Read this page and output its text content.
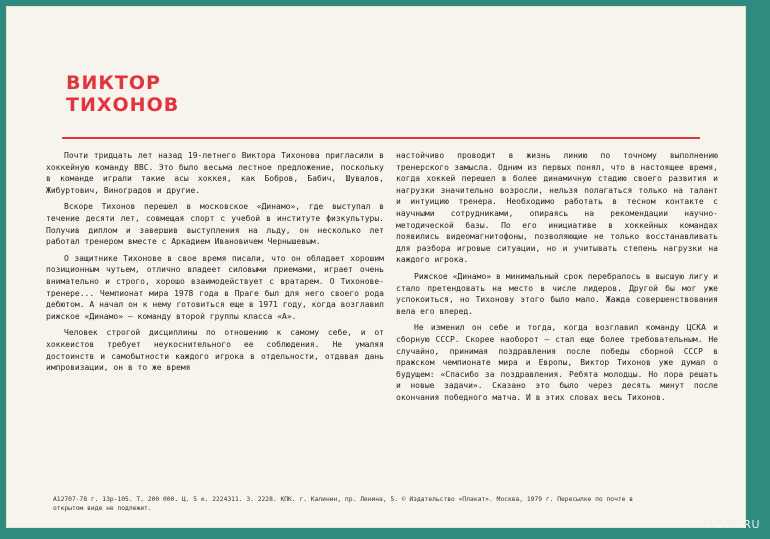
ВИКТОР
ТИХОНОВ

Почти тридцать лет назад 19-летнего Виктора Тихонова пригласили в хоккейную команду ВВС. Это было весьма лестное предложение, поскольку в команде играли такие асы хоккея, как Бобров, Бабич, Шувалов, Жибуртович, Виноградов и другие.

Вскоре Тихонов перешел в московское «Динамо», где выступал в течение десяти лет, совмещая спорт с учебой в институте физкультуры. Получив диплом и завершив выступления на льду, он несколько лет работал тренером вместе с Аркадием Ивановичем Чернышевым.

О защитнике Тихонове в свое время писали, что он обладает хорошим позиционным чутьем, отлично владеет силовыми приемами, играет очень внимательно и строго, хорошо взаимодействует с вратарем. О Тихонове-тренере... Чемпионат мира 1978 года в Праге был для него своего рода дебютом. А начал он к нему готовиться еще в 1971 году, когда возглавил рижское «Динамо» — команду второй группы класса «А».

Человек строгой дисциплины по отношению к самому себе, и от хоккеистов требует неукоснительного ее соблюдения. Не умаляя достоинств и самобытности каждого игрока в отдельности, отдавая дань импровизации, он в то же время

настойчиво проводит в жизнь линию по точному выполнению тренерского замысла. Одним из первых понял, что в настоящее время, когда хоккей перешел в более динамичную стадию своего развития и нагрузки значительно возросли, нельзя полагаться только на талант и интуицию тренера. Необходимо работать в тесном контакте с научными сотрудниками, опираясь на рекомендации научно-методической базы. По его инициативе в хоккейных командах появились видеомагнитофоны, позволяющие не только восстанавливать для разбора игровые ситуации, но и учитывать степень нагрузки на каждого игрока.

Рижское «Динамо» в минимальный срок перебралось в высшую лигу и стало претендовать на место в числе лидеров. Другой бы мог уже успокоиться, но Тихонову этого было мало. Жажда совершенствования вела его вперед.

Не изменил он себе и тогда, когда возглавил команду ЦСКА и сборную СССР. Скорее наоборот — стал еще более требовательным. Не случайно, принимая поздравления после победы сборной СССР в пражском чемпионате мира и Европы, Виктор Тихонов уже думал о будущем: «Спасибо за поздравления. Ребята молодцы. Но пора решать и новые задачи». Сказано это было через десять минут после окончания победного матча. И в этих словах весь Тихонов.

А12707-78 г. 13р-105. Т. 200 000. Ц. 5 к. 2224311. З. 2228. КПК. г. Калинин, пр. Ленина, 5. © Издательство «Плакат». Москва, 1979 г. Пересылке по почте в
открытом виде не подлежит.
U-SSR.RU
